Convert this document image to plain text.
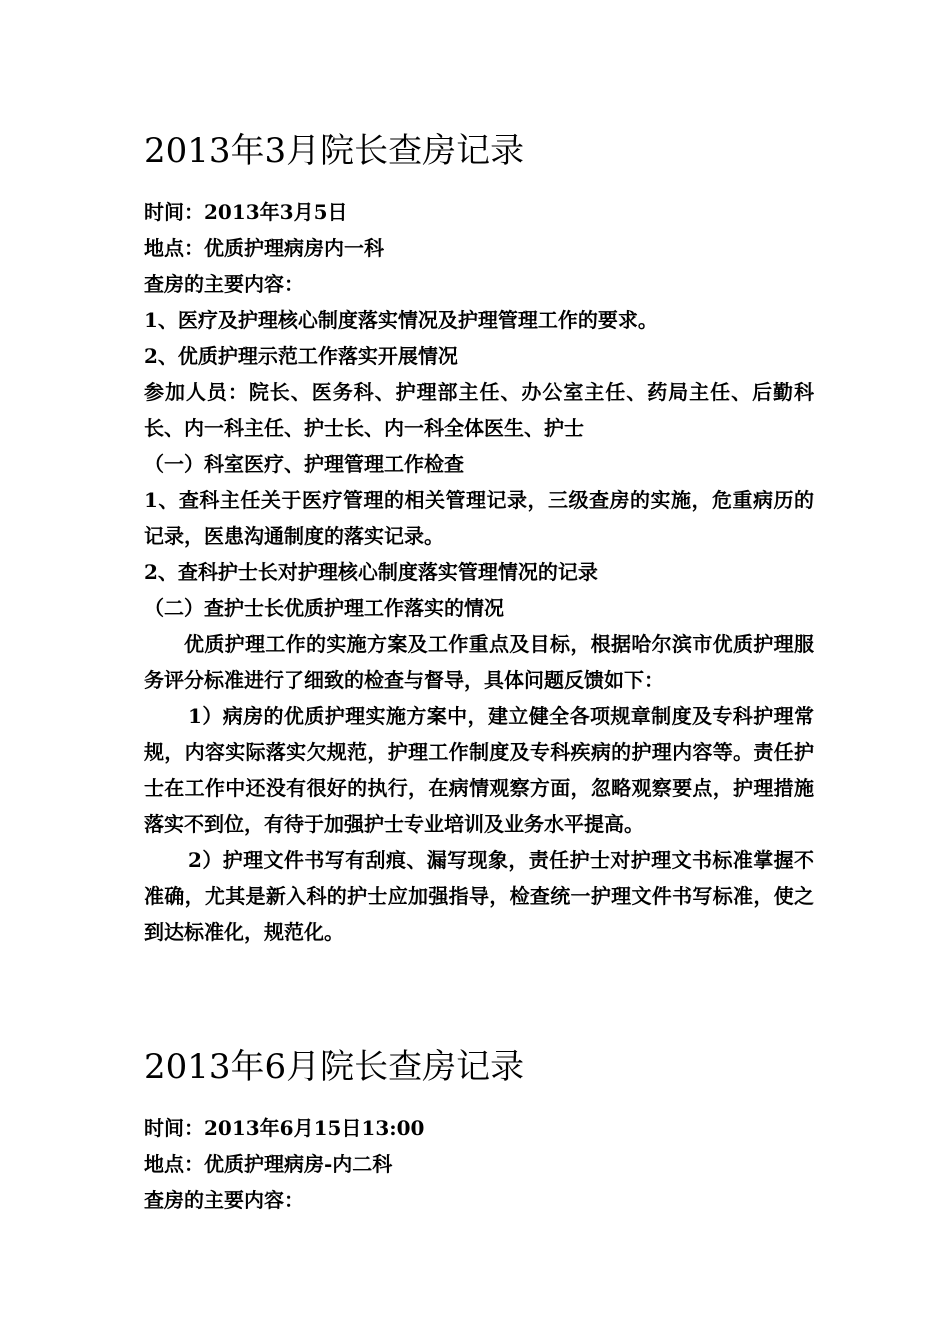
2013年3月院长查房记录
时间：2013年3月5日
地点：优质护理病房内一科
查房的主要内容：
1、医疗及护理核心制度落实情况及护理管理工作的要求。
2、优质护理示范工作落实开展情况
参加人员：院长、医务科、护理部主任、办公室主任、药局主任、后勤科长、内一科主任、护士长、内一科全体医生、护士
（一）科室医疗、护理管理工作检查
1、查科主任关于医疗管理的相关管理记录，三级查房的实施，危重病历的记录，医患沟通制度的落实记录。
2、查科护士长对护理核心制度落实管理情况的记录
（二）查护士长优质护理工作落实的情况
优质护理工作的实施方案及工作重点及目标，根据哈尔滨市优质护理服务评分标准进行了细致的检查与督导，具体问题反馈如下：
1）病房的优质护理实施方案中，建立健全各项规章制度及专科护理常规，内容实际落实欠规范，护理工作制度及专科疾病的护理内容等。责任护士在工作中还没有很好的执行，在病情观察方面，忽略观察要点，护理措施落实不到位，有待于加强护士专业培训及业务水平提高。
2）护理文件书写有刮痕、漏写现象，责任护士对护理文书标准掌握不准确，尤其是新入科的护士应加强指导，检查统一护理文件书写标准，使之到达标准化，规范化。
2013年6月院长查房记录
时间：2013年6月15日13:00
地点：优质护理病房-内二科
查房的主要内容：
